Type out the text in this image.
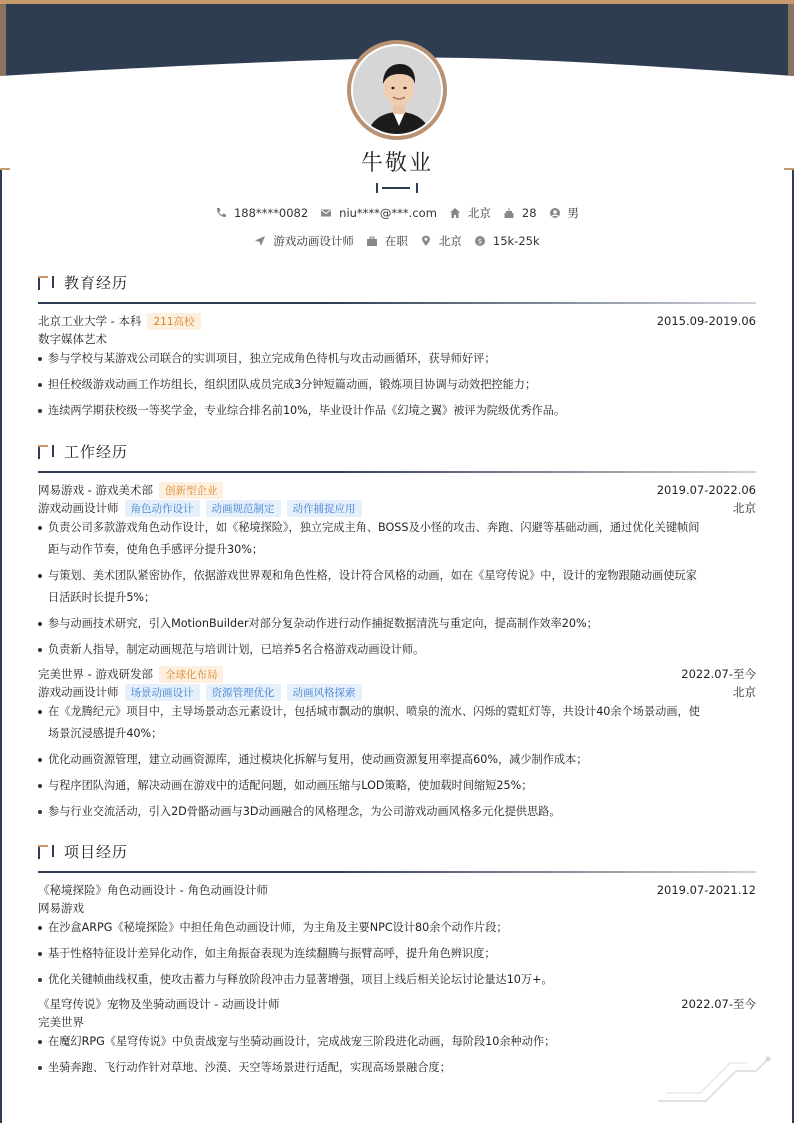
牛敬业
188****0082	niu****@***.com	北京	28	男
游戏动画设计师	在职	北京 $ 15k-25k
教育经历
北京工业大学 - 本科	211高校	2015.09-2019.06
数字媒体艺术
参与学校与某游戏公司联合的实训项目，独立完成角色待机与攻击动画循环，获导师好评；
担任校级游戏动画工作坊组长，组织团队成员完成3分钟短篇动画，锻炼项目协调与动效把控能力；
连续两学期获校级一等奖学金，专业综合排名前10%，毕业设计作品《幻境之翼》被评为院级优秀作品。
工作经历
网易游戏 - 游戏美术部	创新型企业	2019.07-2022.06
游戏动画设计师	角色动作设计	动画规范制定	动作捕捉应用	北京
负责公司多款游戏角色动作设计，如《秘境探险》，独立完成主角、BOSS及小怪的攻击、奔跑、闪避等基础动画，通过优化关键帧间
距与动作节奏，使角色手感评分提升30%；
与策划、美术团队紧密协作，依据游戏世界观和角色性格，设计符合风格的动画，如在《星穹传说》中，设计的宠物跟随动画使玩家
日活跃时长提升5%；
参与动画技术研究，引入MotionBuilder对部分复杂动作进行动作捕捉数据清洗与重定向，提高制作效率20%；
负责新人指导，制定动画规范与培训计划，已培养5名合格游戏动画设计师。
完美世界 - 游戏研发部	全球化布局	2022.07-至今
游戏动画设计师	场景动画设计	资源管理优化	动画风格探索	北京
在《龙腾纪元》项目中，主导场景动态元素设计，包括城市飘动的旗帜、喷泉的流水、闪烁的霓虹灯等，共设计40余个场景动画，使
场景沉浸感提升40%；
优化动画资源管理，建立动画资源库，通过模块化拆解与复用，使动画资源复用率提高60%，减少制作成本；
与程序团队沟通，解决动画在游戏中的适配问题，如动画压缩与LOD策略，使加载时间缩短25%；
参与行业交流活动，引入2D骨骼动画与3D动画融合的风格理念，为公司游戏动画风格多元化提供思路。
项目经历
《秘境探险》角色动画设计 - 角色动画设计师	2019.07-2021.12
网易游戏
在沙盒ARPG《秘境探险》中担任角色动画设计师，为主角及主要NPC设计80余个动作片段；
基于性格特征设计差异化动作，如主角振奋表现为连续翻腾与振臂高呼，提升角色辨识度；
优化关键帧曲线权重，使攻击蓄力与释放阶段冲击力显著增强，项目上线后相关论坛讨论量达10万+。
《星穹传说》宠物及坐骑动画设计 - 动画设计师	2022.07-至今
完美世界
在魔幻RPG《星穹传说》中负责战宠与坐骑动画设计，完成战宠三阶段进化动画，每阶段10余种动作；
坐骑奔跑、飞行动作针对草地、沙漠、天空等场景进行适配，实现高场景融合度；
